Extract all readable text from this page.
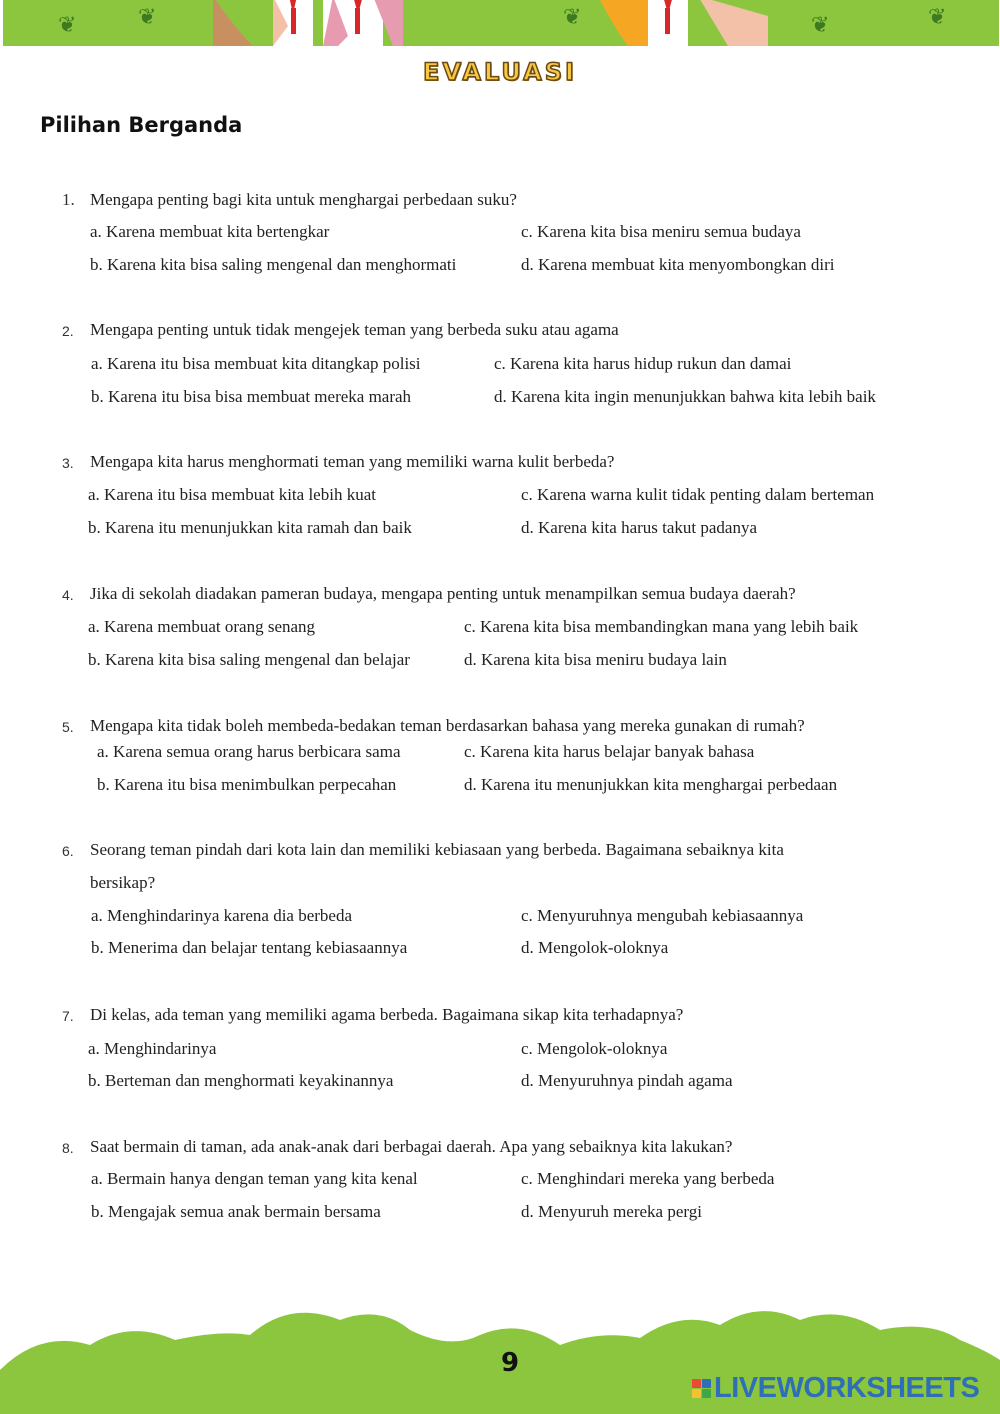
❦	❦	❦	❦	❦
EVALUASI
Pilihan Berganda
1. Mengapa penting bagi kita untuk menghargai perbedaan suku?
a. Karena membuat kita bertengkar	c. Karena kita bisa meniru semua budaya
b. Karena kita bisa saling mengenal dan menghormati	d. Karena membuat kita menyombongkan diri
2. Mengapa penting untuk tidak mengejek teman yang berbeda suku atau agama
a. Karena itu bisa membuat kita ditangkap polisi	c. Karena kita harus hidup rukun dan damai
b. Karena itu bisa bisa membuat mereka marah	d. Karena kita ingin menunjukkan bahwa kita lebih baik
3. Mengapa kita harus menghormati teman yang memiliki warna kulit berbeda?
a. Karena itu bisa membuat kita lebih kuat	c. Karena warna kulit tidak penting dalam berteman
b. Karena itu menunjukkan kita ramah dan baik	d. Karena kita harus takut padanya
4. Jika di sekolah diadakan pameran budaya, mengapa penting untuk menampilkan semua budaya daerah?
a. Karena membuat orang senang	c. Karena kita bisa membandingkan mana yang lebih baik
b. Karena kita bisa saling mengenal dan belajar	d. Karena kita bisa meniru budaya lain
5. Mengapa kita tidak boleh membeda-bedakan teman berdasarkan bahasa yang mereka gunakan di rumah?
a. Karena semua orang harus berbicara sama	c. Karena kita harus belajar banyak bahasa
b. Karena itu bisa menimbulkan perpecahan	d. Karena itu menunjukkan kita menghargai perbedaan
6. Seorang teman pindah dari kota lain dan memiliki kebiasaan yang berbeda. Bagaimana sebaiknya kita
bersikap?
a. Menghindarinya karena dia berbeda	c. Menyuruhnya mengubah kebiasaannya
b. Menerima dan belajar tentang kebiasaannya	d. Mengolok-oloknya
7. Di kelas, ada teman yang memiliki agama berbeda. Bagaimana sikap kita terhadapnya?
a. Menghindarinya	c. Mengolok-oloknya
b. Berteman dan menghormati keyakinannya	d. Menyuruhnya pindah agama
8. Saat bermain di taman, ada anak-anak dari berbagai daerah. Apa yang sebaiknya kita lakukan?
a. Bermain hanya dengan teman yang kita kenal	c. Menghindari mereka yang berbeda
b. Mengajak semua anak bermain bersama	d. Menyuruh mereka pergi
9
LIVEWORKSHEETS
